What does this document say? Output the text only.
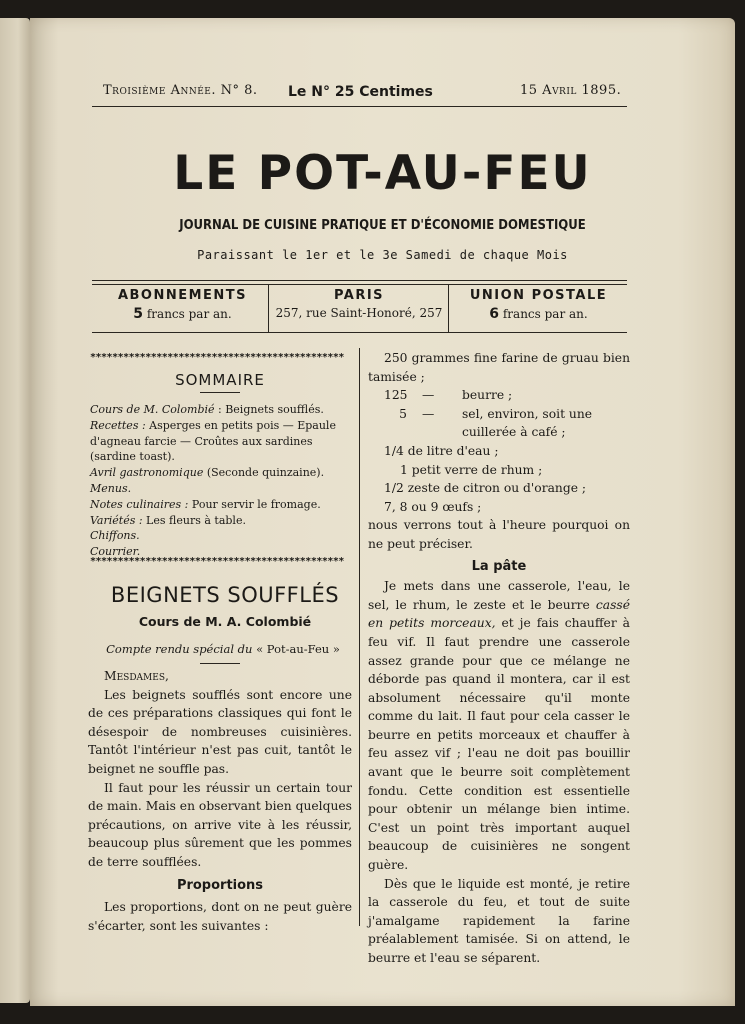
Troisième Année. N° 8. Le N° 25 Centimes	15 Avril 1895.
LE POT-AU-FEU
JOURNAL DE CUISINE PRATIQUE ET D'ÉCONOMIE DOMESTIQUE
Paraissant le 1er et le 3e Samedi de chaque Mois
ABONNEMENTS
5 francs par an.
PARIS
257, rue Saint-Honoré, 257
UNION POSTALE
6 francs par an.
**********************************************
SOMMAIRE

Cours de M. Colombié : Beignets soufflés.

Recettes : Asperges en petits pois — Epaule d'agneau farcie — Croûtes aux sardines (sardine toast).

Avril gastronomique (Seconde quinzaine).

Menus.

Notes culinaires : Pour servir le fromage.

Variétés : Les fleurs à table.

Chiffons.

Courrier.

**********************************************
BEIGNETS SOUFFLÉS
Cours de M. A. Colombié
Compte rendu spécial du « Pot-au-Feu »

Mesdames,

Les beignets soufflés sont encore une de ces préparations classiques qui font le désespoir de nombreuses cuisinières. Tantôt l'intérieur n'est pas cuit, tantôt le beignet ne souffle pas.

Il faut pour les réussir un certain tour de main. Mais en observant bien quelques précautions, on arrive vite à les réussir, beaucoup plus sûrement que les pommes de terre soufflées.

Proportions

Les proportions, dont on ne peut guère s'écarter, sont les suivantes :

250 grammes fine farine de gruau bien tamisée ;

125	—	beurre ;
5	—	sel, environ, soit une
cuillerée à café ;
1/4 de litre d'eau ;
1 petit verre de rhum ;
1/2 zeste de citron ou d'orange ;
7, 8 ou 9 œufs ;
nous verrons tout à l'heure pourquoi on ne peut préciser.
La pâte

Je mets dans une casserole, l'eau, le sel, le rhum, le zeste et le beurre cassé en petits morceaux, et je fais chauffer à feu vif. Il faut prendre une casserole assez grande pour que ce mélange ne déborde pas quand il montera, car il est absolument nécessaire qu'il monte comme du lait. Il faut pour cela casser le beurre en petits morceaux et chauffer à feu assez vif ; l'eau ne doit pas bouillir avant que le beurre soit complètement fondu. Cette condition est essentielle pour obtenir un mélange bien intime. C'est un point très important auquel beaucoup de cuisinières ne songent guère.

Dès que le liquide est monté, je retire la casserole du feu, et tout de suite j'amalgame rapidement la farine préalablement tamisée. Si on attend, le beurre et l'eau se séparent.
